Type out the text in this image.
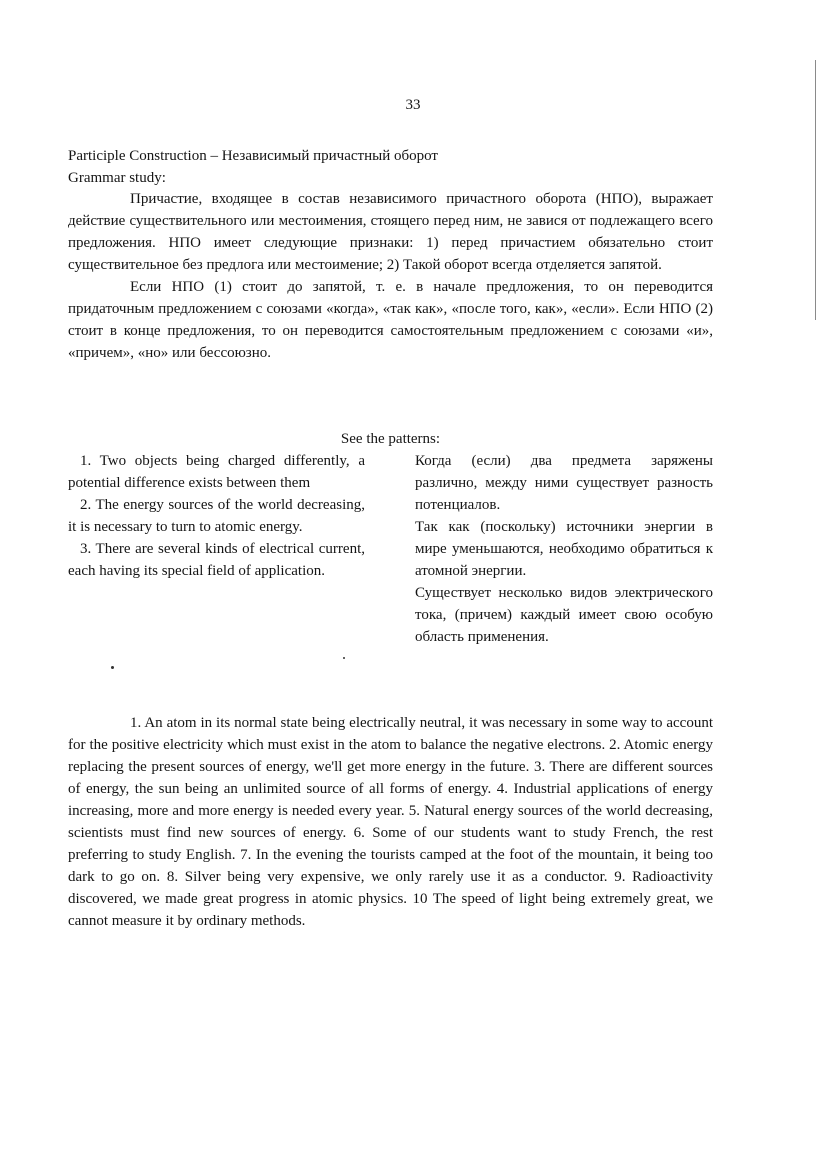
33
Participle Construction – Независимый причастный оборот
Grammar study:

Причастие, входящее в состав независимого причастного оборота (НПО), выражает действие существительного или местоимения, стоящего перед ним, не завися от подлежащего всего предложения. НПО имеет следующие признаки: 1) перед причастием обязательно стоит существительное без предлога или местоимение; 2) Такой оборот всегда отделяется запятой.

Если НПО (1) стоит до запятой, т. е. в начале предложения, то он переводится придаточным предложением с союзами «когда», «так как», «после того, как», «если». Если НПО (2) стоит в конце предложения, то он переводится самостоятельным предложением с союзами «и», «причем», «но» или бессоюзно.

See the patterns:

1. Two objects being charged differently, a potential difference exists between them

2. The energy sources of the world decreasing, it is necessary to turn to atomic energy.

3. There are several kinds of electrical current, each having its special field of application.

Когда (если) два предмета заряжены различно, между ними существует разность потенциалов.

Так как (поскольку) источники энергии в мире уменьшаются, необходимо обратиться к атомной энергии.

Существует несколько видов электрического тока, (причем) каждый имеет свою особую область применения.

1. An atom in its normal state being electrically neutral, it was necessary in some way to account for the positive electricity which must exist in the atom to balance the negative electrons. 2. Atomic energy replacing the present sources of energy, we'll get more energy in the future. 3. There are different sources of energy, the sun being an unlimited source of all forms of energy. 4. Industrial applications of energy increasing, more and more energy is needed every year. 5. Natural energy sources of the world decreasing, scientists must find new sources of energy. 6. Some of our students want to study French, the rest preferring to study English. 7. In the evening the tourists camped at the foot of the mountain, it being too dark to go on. 8. Silver being very expensive, we only rarely use it as a conductor. 9. Radioactivity discovered, we made great progress in atomic physics. 10 The speed of light being extremely great, we cannot measure it by ordinary methods.
